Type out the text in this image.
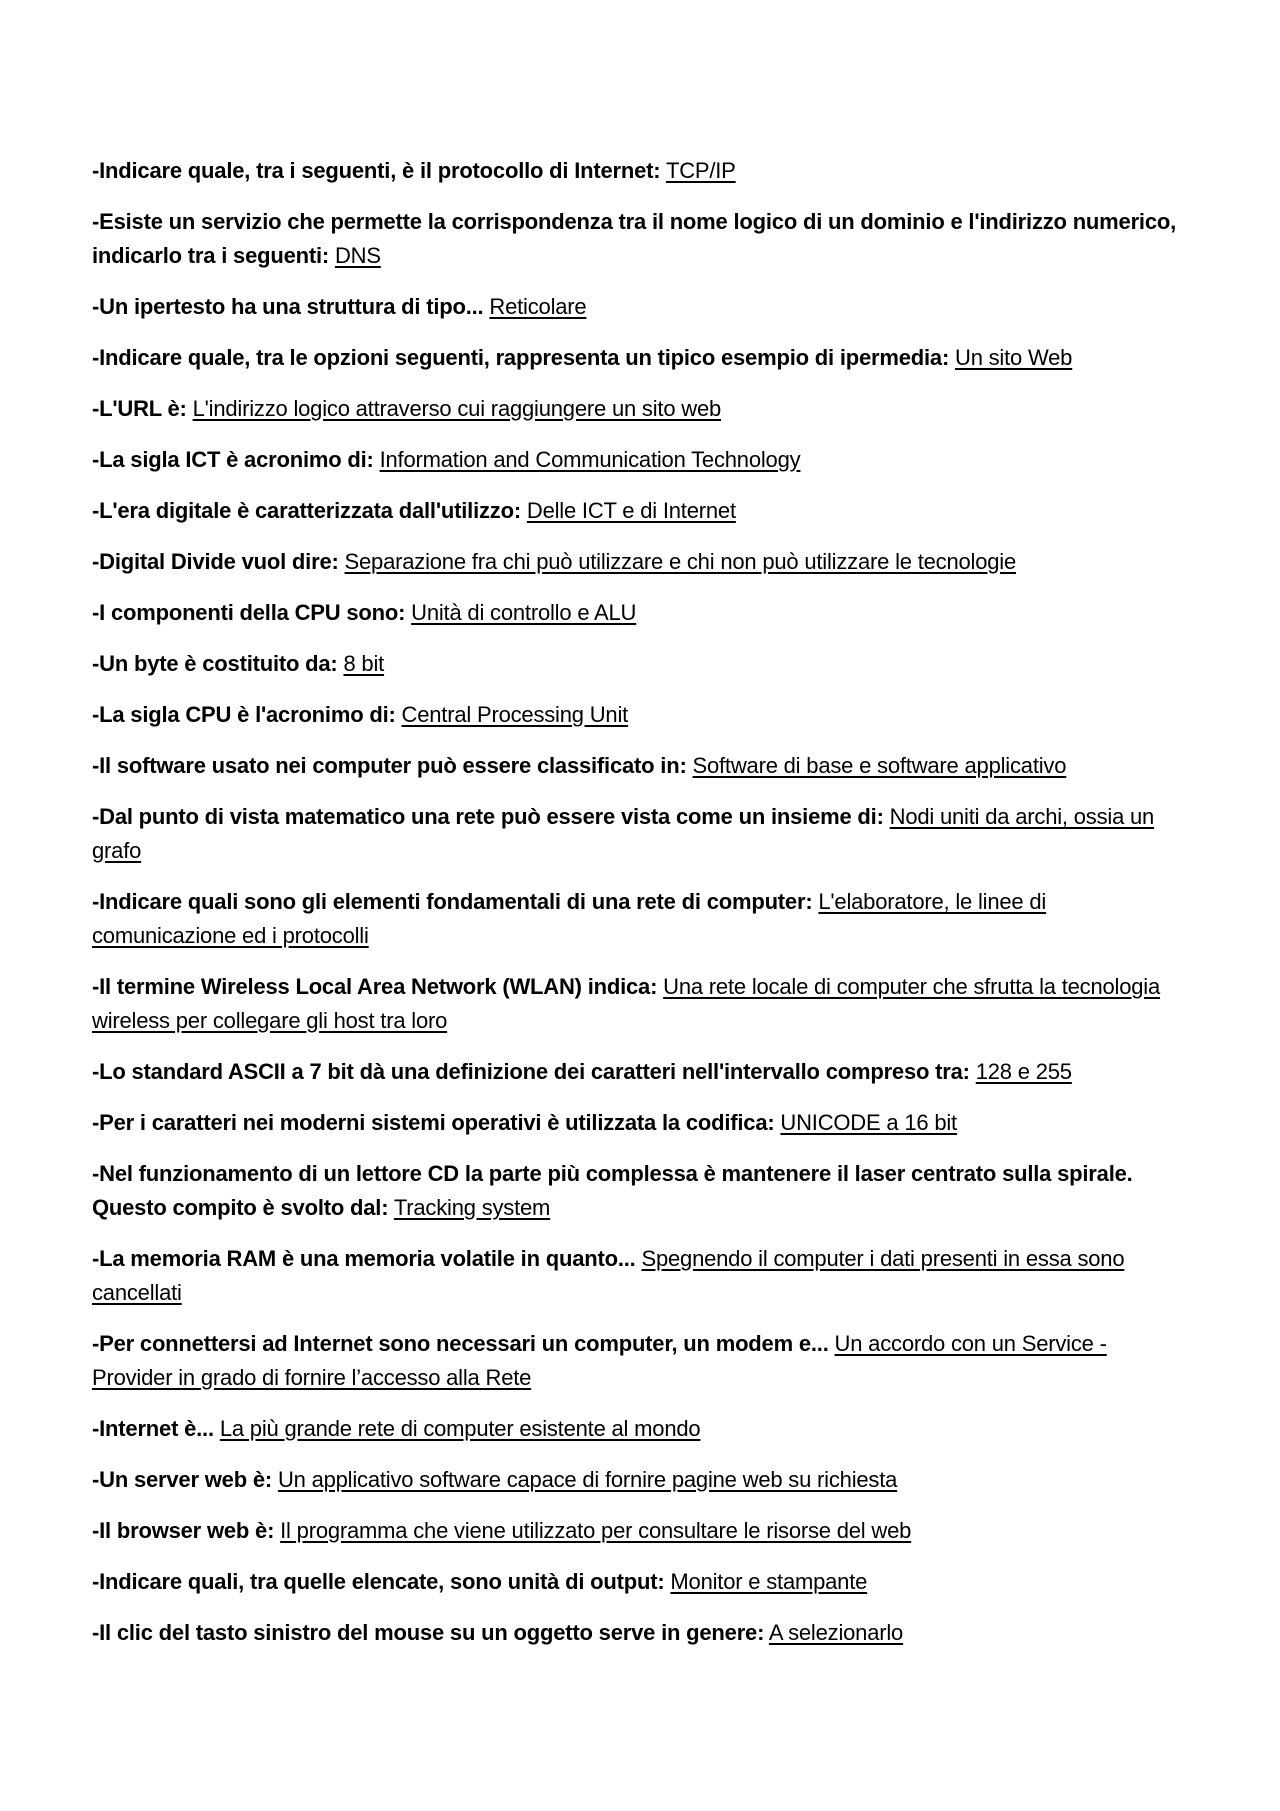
-Indicare quale, tra i seguenti, è il protocollo di Internet: TCP/IP

-Esiste un servizio che permette la corrispondenza tra il nome logico di un dominio e l'indirizzo numerico, indicarlo tra i seguenti: DNS

-Un ipertesto ha una struttura di tipo... Reticolare

-Indicare quale, tra le opzioni seguenti, rappresenta un tipico esempio di ipermedia: Un sito Web

-L'URL è: L'indirizzo logico attraverso cui raggiungere un sito web

-La sigla ICT è acronimo di: Information and Communication Technology

-L'era digitale è caratterizzata dall'utilizzo: Delle ICT e di Internet

-Digital Divide vuol dire: Separazione fra chi può utilizzare e chi non può utilizzare le tecnologie

-I componenti della CPU sono: Unità di controllo e ALU

-Un byte è costituito da: 8 bit

-La sigla CPU è l'acronimo di: Central Processing Unit

-Il software usato nei computer può essere classificato in: Software di base e software applicativo

-Dal punto di vista matematico una rete può essere vista come un insieme di: Nodi uniti da archi, ossia un grafo

-Indicare quali sono gli elementi fondamentali di una rete di computer: L'elaboratore, le linee di comunicazione ed i protocolli

-Il termine Wireless Local Area Network (WLAN) indica: Una rete locale di computer che sfrutta la tecnologia wireless per collegare gli host tra loro

-Lo standard ASCII a 7 bit dà una definizione dei caratteri nell'intervallo compreso tra: 128 e 255

-Per i caratteri nei moderni sistemi operativi è utilizzata la codifica: UNICODE a 16 bit

-Nel funzionamento di un lettore CD la parte più complessa è mantenere il laser centrato sulla spirale. Questo compito è svolto dal: Tracking system

-La memoria RAM è una memoria volatile in quanto... Spegnendo il computer i dati presenti in essa sono cancellati

-Per connettersi ad Internet sono necessari un computer, un modem e... Un accordo con un Service - Provider in grado di fornire l’accesso alla Rete

-Internet è... La più grande rete di computer esistente al mondo

-Un server web è: Un applicativo software capace di fornire pagine web su richiesta

-Il browser web è: Il programma che viene utilizzato per consultare le risorse del web

-Indicare quali, tra quelle elencate, sono unità di output: Monitor e stampante

-Il clic del tasto sinistro del mouse su un oggetto serve in genere: A selezionarlo
